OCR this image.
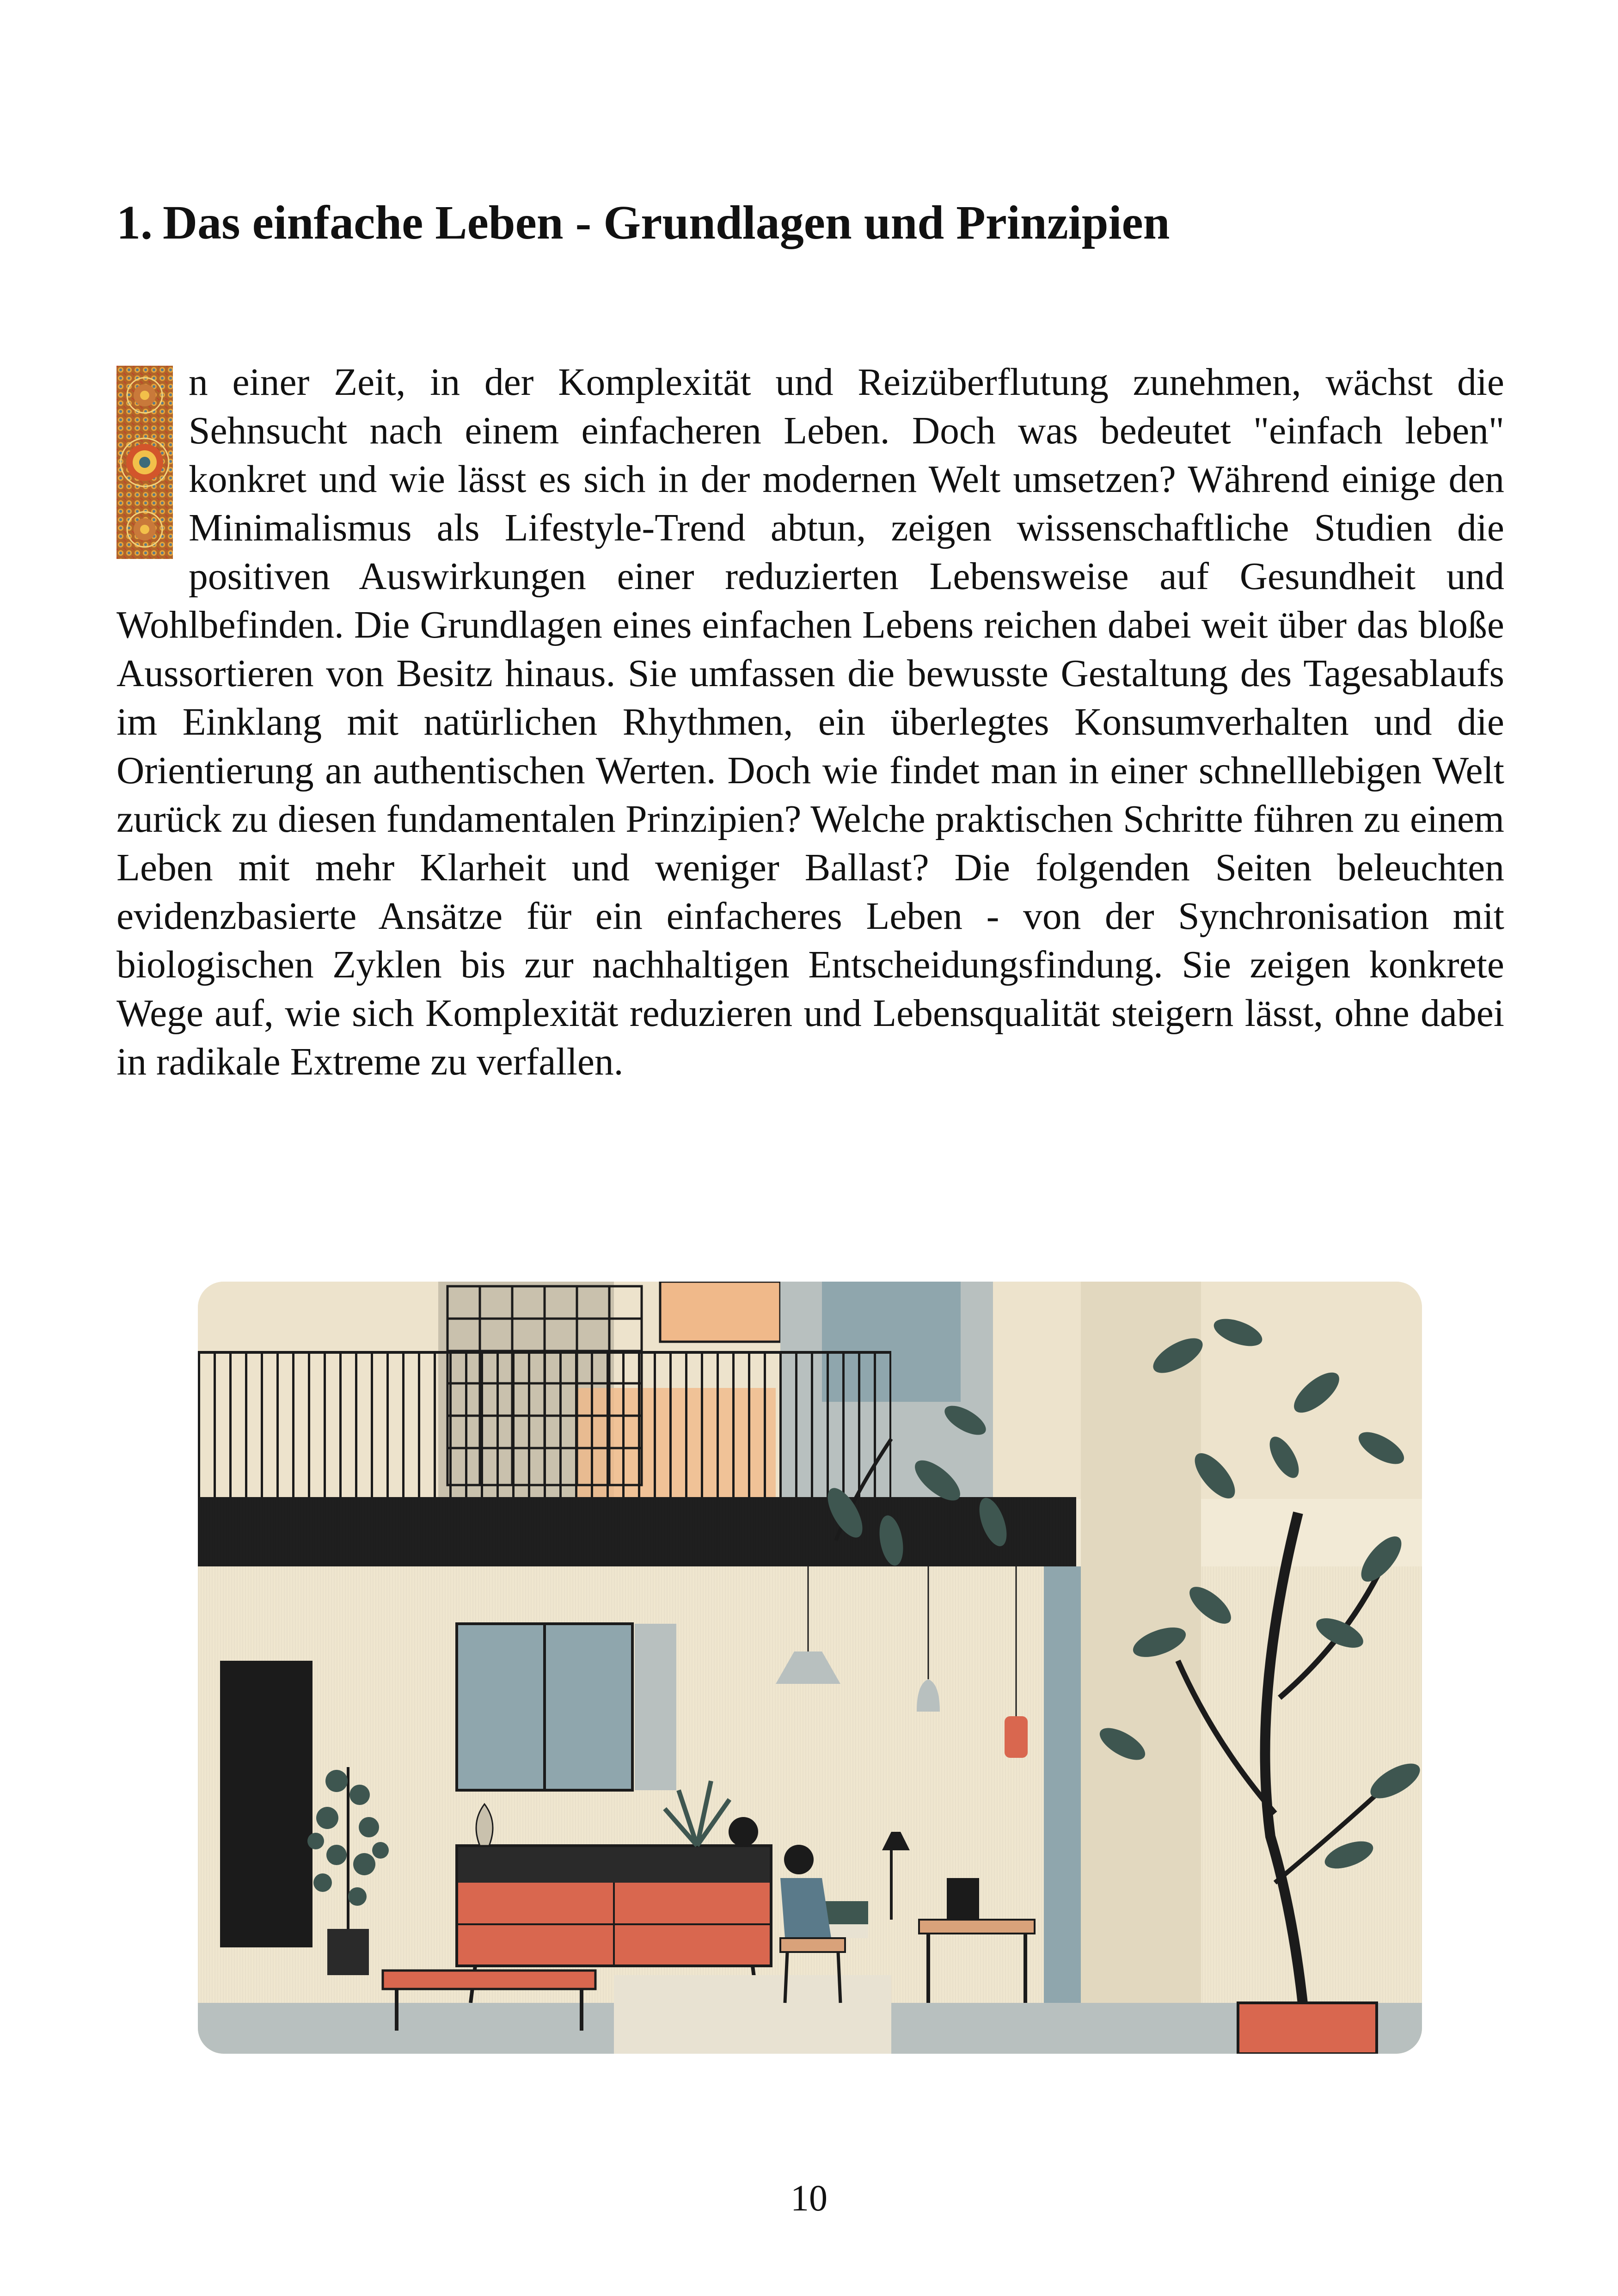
1. Das einfache Leben - Grundlagen und Prinzipien
n einer Zeit, in der Komplexität und Reizüberflutung zunehmen, wächst die Sehnsucht nach einem einfacheren Leben. Doch was bedeutet "einfach leben" konkret und wie lässt es sich in der modernen Welt umsetzen? Während einige den Minimalismus als Lifestyle-Trend abtun, zeigen wissenschaftliche Studien die positiven Auswirkungen einer reduzierten Lebensweise auf Gesundheit und Wohlbefinden. Die Grundlagen eines einfachen Lebens reichen dabei weit über das bloße Aussortieren von Besitz hinaus. Sie umfassen die bewusste Gestaltung des Tagesablaufs im Einklang mit natürlichen Rhythmen, ein überlegtes Konsumverhalten und die Orientierung an authentischen Werten. Doch wie findet man in einer schnelllebigen Welt zurück zu diesen fundamentalen Prinzipien? Welche praktischen Schritte führen zu einem Leben mit mehr Klarheit und weniger Ballast? Die folgenden Seiten beleuchten evidenzbasierte Ansätze für ein einfacheres Leben - von der Synchronisation mit biologischen Zyklen bis zur nachhaltigen Entscheidungsfindung. Sie zeigen konkrete Wege auf, wie sich Komplexität reduzieren und Lebensqualität steigern lässt, ohne dabei in radikale Extreme zu verfallen.
10
